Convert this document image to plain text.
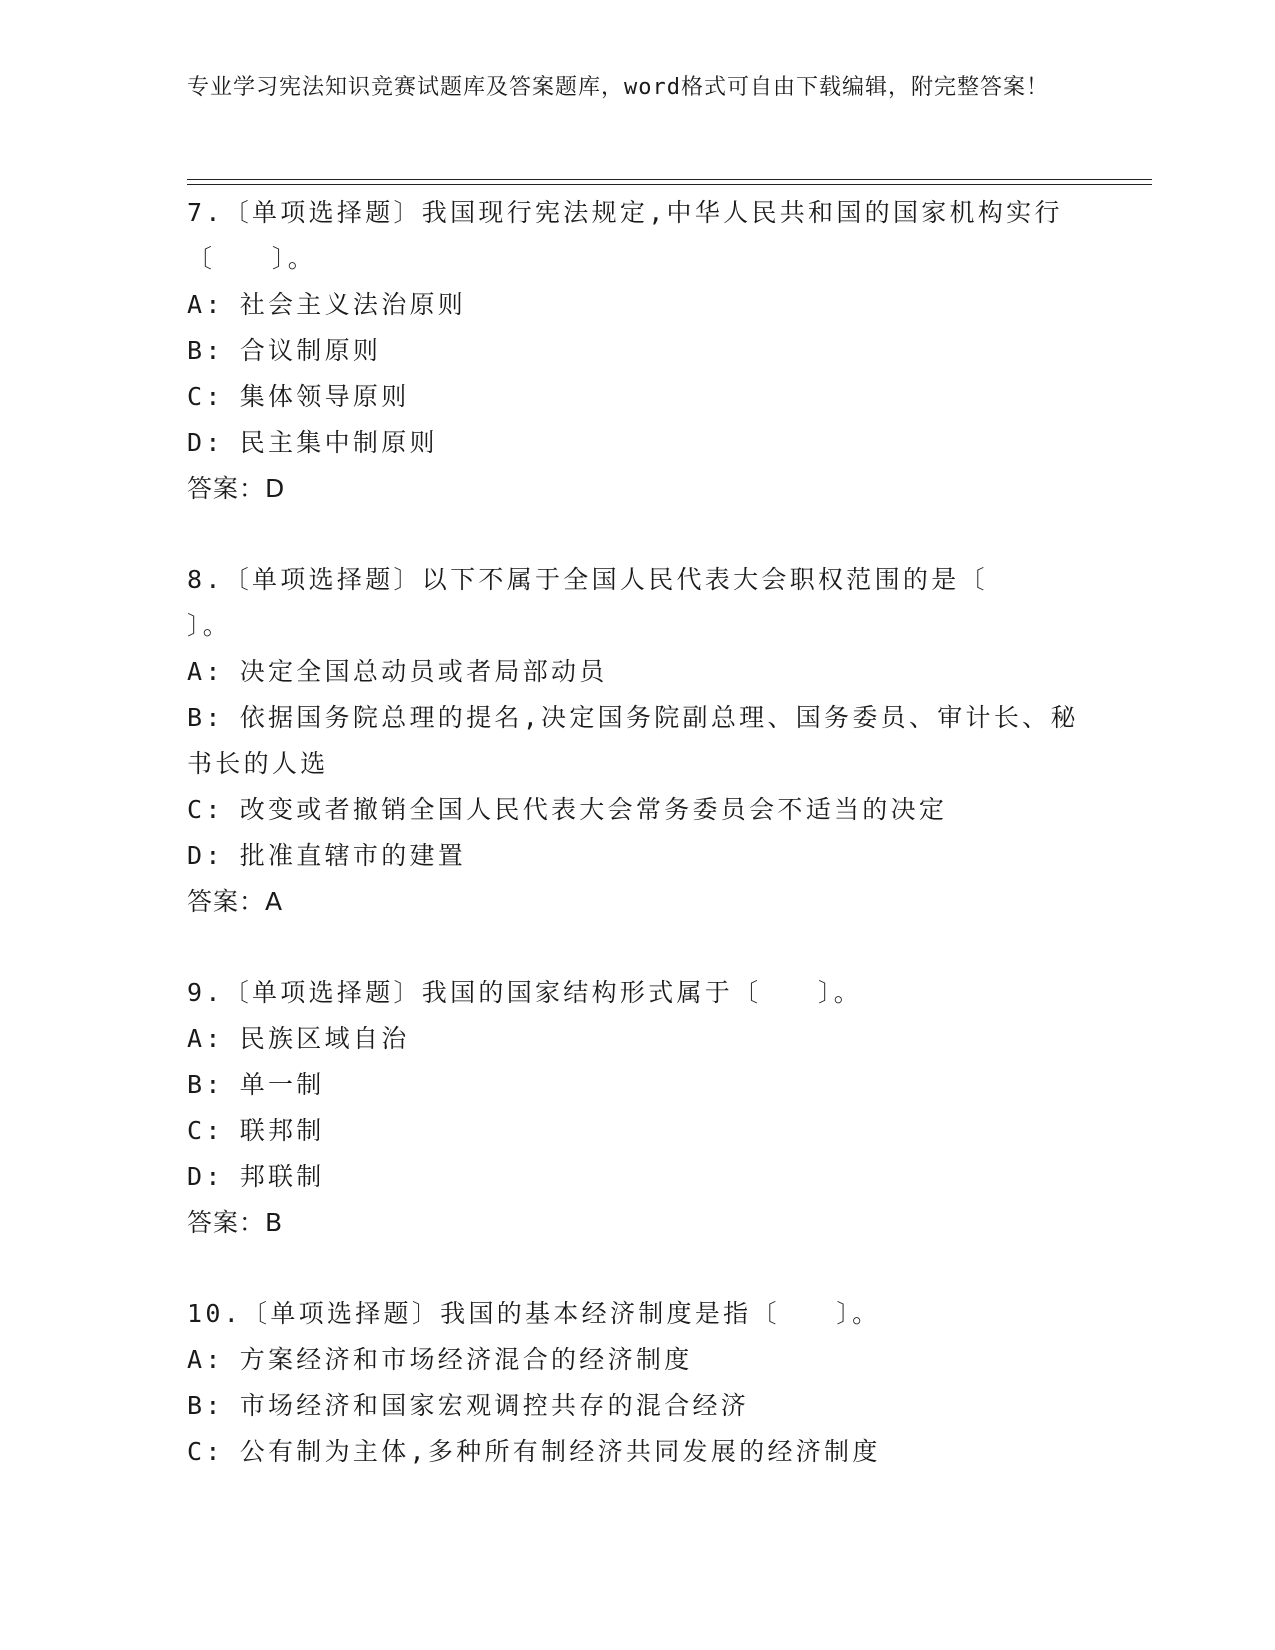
专业学习宪法知识竞赛试题库及答案题库，word格式可自由下载编辑，附完整答案！

7.〔单项选择题〕我国现行宪法规定,中华人民共和国的国家机构实行〔　　〕。

A: 社会主义法治原则

B: 合议制原则

C: 集体领导原则

D: 民主集中制原则

答案：D

8.〔单项选择题〕以下不属于全国人民代表大会职权范围的是〔　　〕。

A: 决定全国总动员或者局部动员

B: 依据国务院总理的提名,决定国务院副总理、国务委员、审计长、秘书长的人选

C: 改变或者撤销全国人民代表大会常务委员会不适当的决定

D: 批准直辖市的建置

答案：A

9.〔单项选择题〕我国的国家结构形式属于〔　　〕。

A: 民族区域自治

B: 单一制

C: 联邦制

D: 邦联制

答案：B

10.〔单项选择题〕我国的基本经济制度是指〔　　〕。

A: 方案经济和市场经济混合的经济制度

B: 市场经济和国家宏观调控共存的混合经济

C: 公有制为主体,多种所有制经济共同发展的经济制度
